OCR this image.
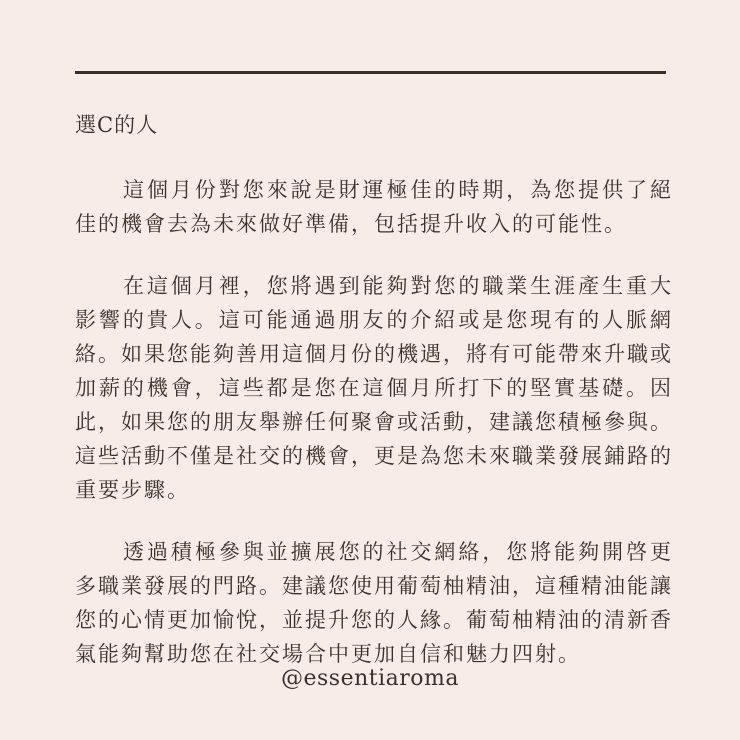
選C的人

這個月份對您來說是財運極佳的時期，為您提供了絕佳的機會去為未來做好準備，包括提升收入的可能性。

在這個月裡，您將遇到能夠對您的職業生涯產生重大影響的貴人。這可能通過朋友的介紹或是您現有的人脈網絡。如果您能夠善用這個月份的機遇，將有可能帶來升職或加薪的機會，這些都是您在這個月所打下的堅實基礎。因此，如果您的朋友舉辦任何聚會或活動，建議您積極參與。這些活動不僅是社交的機會，更是為您未來職業發展鋪路的重要步驟。

透過積極參與並擴展您的社交網絡，您將能夠開啓更多職業發展的門路。建議您使用葡萄柚精油，這種精油能讓您的心情更加愉悅，並提升您的人緣。葡萄柚精油的清新香氣能夠幫助您在社交場合中更加自信和魅力四射。

@essentiaroma
